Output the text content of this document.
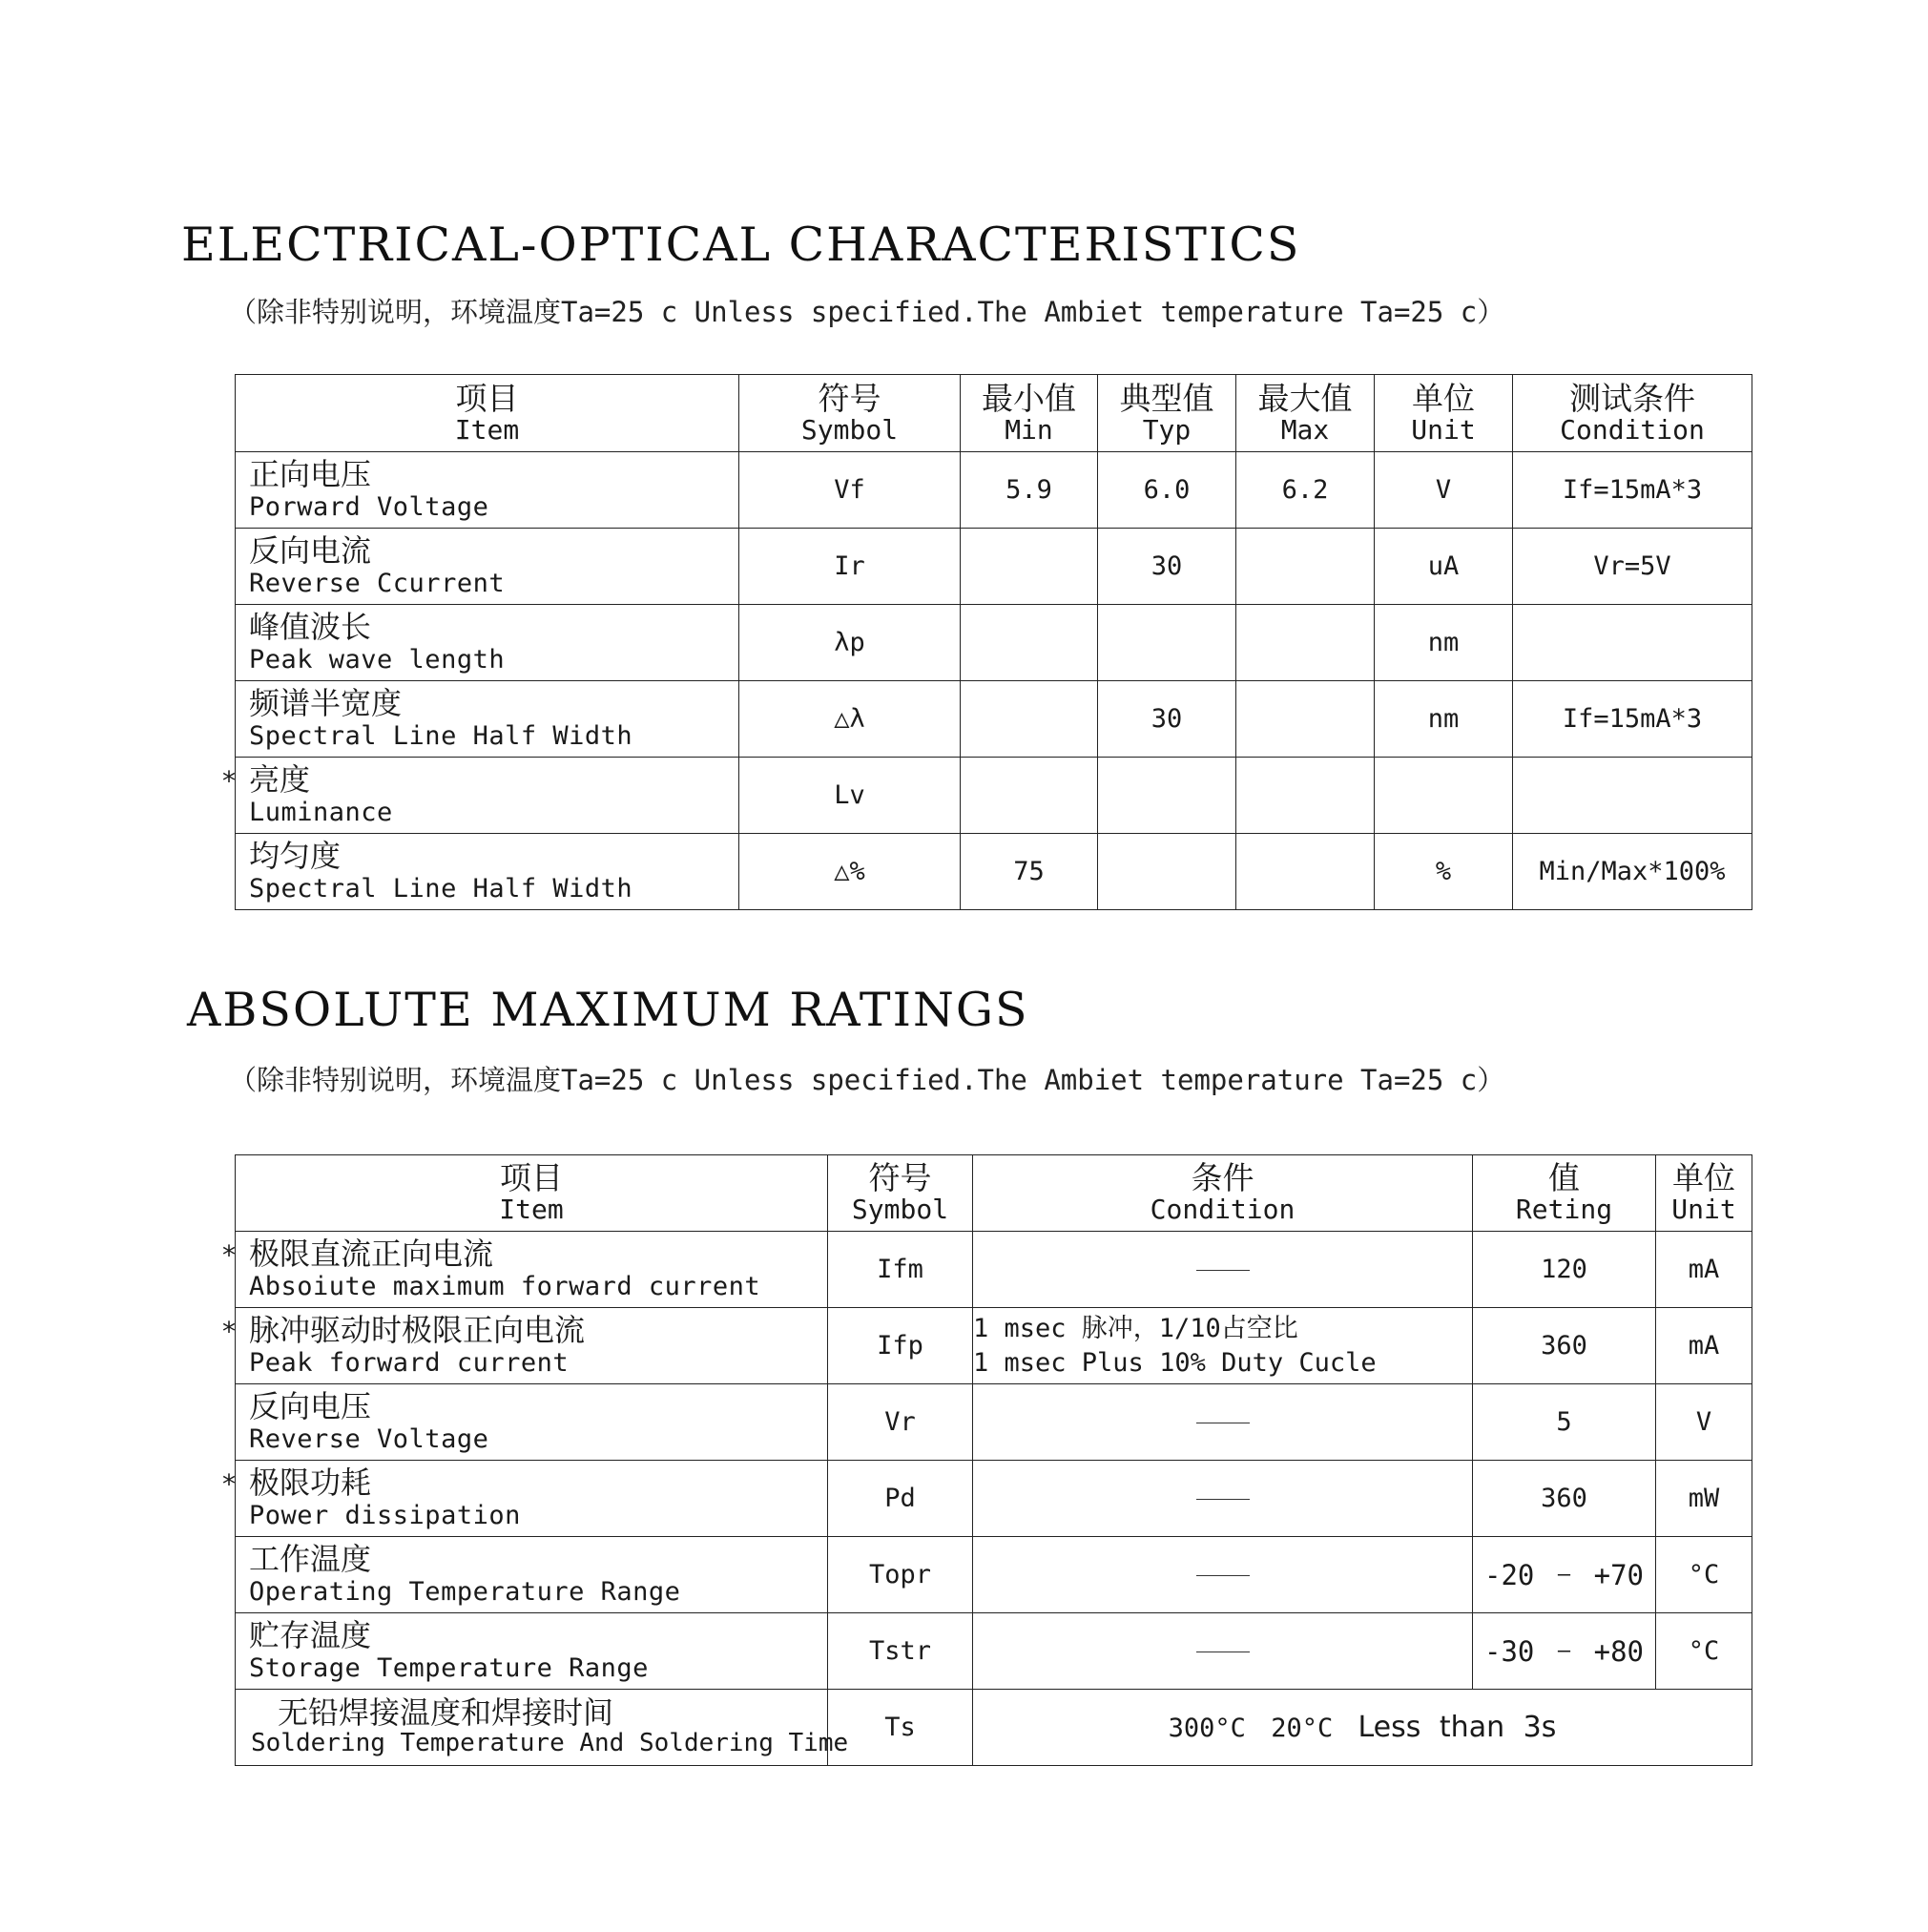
ELECTRICAL-OPTICAL CHARACTERISTICS

（除非特别说明，环境温度Ta=25 c Unless specified.The Ambiet temperature Ta=25 c）

项目
Item	符号
Symbol	最小值
Min	典型值
Typ	最大值
Max	单位
Unit	测试条件
Condition

正向电压
Porward Voltage	Vf	5.9	6.0	6.2	V	If=15mA*3

反向电流
Reverse Ccurrent	Ir		30		uA	Vr=5V

峰值波长
Peak wave length	λp				nm	

频谱半宽度
Spectral Line Half Width	△λ		30		nm	If=15mA*3

* 亮度
Luminance	Lv					

均匀度
Spectral Line Half Width	△%	75			%	Min/Max*100%
ABSOLUTE MAXIMUM RATINGS

（除非特别说明，环境温度Ta=25 c Unless specified.The Ambiet temperature Ta=25 c）

项目
Item	符号
Symbol	条件
Condition	值
Reting	单位
Unit

* 极限直流正向电流
Absoiute maximum forward current	Ifm		120	mA

* 脉冲驱动时极限正向电流
Peak forward current	Ifp	1 msec 脉冲，1/10占空比
1 msec Plus 10% Duty Cucle	360	mA

反向电压
Reverse Voltage	Vr		5	V

* 极限功耗
Power dissipation	Pd		360	mW

工作温度
Operating Temperature Range	Topr		-20 — +70	°C

贮存温度
Storage Temperature Range	Tstr		-30 — +80	°C

无铅焊接温度和焊接时间
Soldering Temperature And Soldering Time	Ts	300°C 20°C Less than 3s		
